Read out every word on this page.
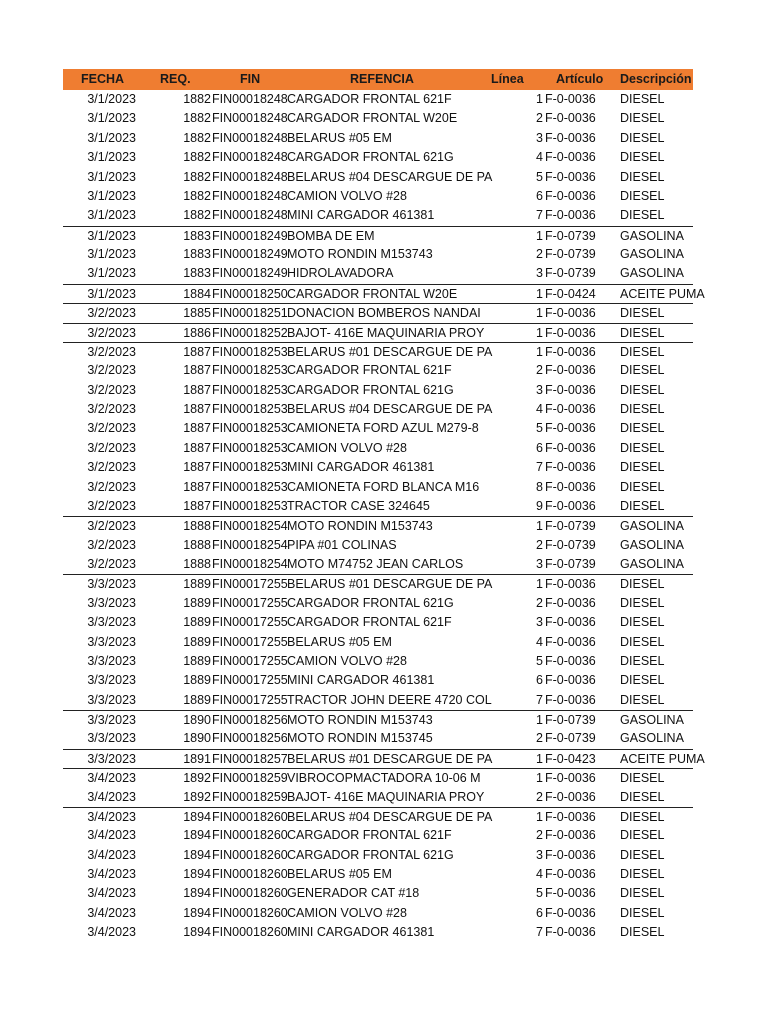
FECHA	REQ.	FIN	REFENCIA	Línea	Artículo Descripción
3/1/2023	1882 FIN00018248 CARGADOR FRONTAL 621F	1 F-0-0036 DIESEL
3/1/2023	1882 FIN00018248 CARGADOR FRONTAL W20E	2 F-0-0036 DIESEL
3/1/2023	1882 FIN00018248 BELARUS #05 EM	3 F-0-0036 DIESEL
3/1/2023	1882 FIN00018248 CARGADOR FRONTAL 621G	4 F-0-0036 DIESEL
3/1/2023	1882 FIN00018248 BELARUS #04 DESCARGUE DE PA	5 F-0-0036 DIESEL
3/1/2023	1882 FIN00018248 CAMION VOLVO #28	6 F-0-0036 DIESEL
3/1/2023	1882 FIN00018248 MINI CARGADOR 461381	7 F-0-0036 DIESEL
3/1/2023	1883 FIN00018249 BOMBA DE EM	1 F-0-0739 GASOLINA
3/1/2023	1883 FIN00018249 MOTO RONDIN M153743	2 F-0-0739 GASOLINA
3/1/2023	1883 FIN00018249 HIDROLAVADORA	3 F-0-0739 GASOLINA
3/1/2023	1884 FIN00018250 CARGADOR FRONTAL W20E	1 F-0-0424 ACEITE PUMA
3/2/2023	1885 FIN00018251 DONACION BOMBEROS NANDAI	1 F-0-0036 DIESEL
3/2/2023	1886 FIN00018252 BAJOT- 416E MAQUINARIA PROY	1 F-0-0036 DIESEL
3/2/2023	1887 FIN00018253 BELARUS #01 DESCARGUE DE PA	1 F-0-0036 DIESEL
3/2/2023	1887 FIN00018253 CARGADOR FRONTAL 621F	2 F-0-0036 DIESEL
3/2/2023	1887 FIN00018253 CARGADOR FRONTAL 621G	3 F-0-0036 DIESEL
3/2/2023	1887 FIN00018253 BELARUS #04 DESCARGUE DE PA	4 F-0-0036 DIESEL
3/2/2023	1887 FIN00018253 CAMIONETA FORD AZUL M279-8	5 F-0-0036 DIESEL
3/2/2023	1887 FIN00018253 CAMION VOLVO #28	6 F-0-0036 DIESEL
3/2/2023	1887 FIN00018253 MINI CARGADOR 461381	7 F-0-0036 DIESEL
3/2/2023	1887 FIN00018253 CAMIONETA FORD BLANCA M16	8 F-0-0036 DIESEL
3/2/2023	1887 FIN00018253 TRACTOR CASE 324645	9 F-0-0036 DIESEL
3/2/2023	1888 FIN00018254 MOTO RONDIN M153743	1 F-0-0739 GASOLINA
3/2/2023	1888 FIN00018254 PIPA #01 COLINAS	2 F-0-0739 GASOLINA
3/2/2023	1888 FIN00018254 MOTO M74752 JEAN CARLOS	3 F-0-0739 GASOLINA
3/3/2023	1889 FIN00017255 BELARUS #01 DESCARGUE DE PA	1 F-0-0036 DIESEL
3/3/2023	1889 FIN00017255 CARGADOR FRONTAL 621G	2 F-0-0036 DIESEL
3/3/2023	1889 FIN00017255 CARGADOR FRONTAL 621F	3 F-0-0036 DIESEL
3/3/2023	1889 FIN00017255 BELARUS #05 EM	4 F-0-0036 DIESEL
3/3/2023	1889 FIN00017255 CAMION VOLVO #28	5 F-0-0036 DIESEL
3/3/2023	1889 FIN00017255 MINI CARGADOR 461381	6 F-0-0036 DIESEL
3/3/2023	1889 FIN00017255 TRACTOR JOHN DEERE 4720 COL	7 F-0-0036 DIESEL
3/3/2023	1890 FIN00018256 MOTO RONDIN M153743	1 F-0-0739 GASOLINA
3/3/2023	1890 FIN00018256 MOTO RONDIN M153745	2 F-0-0739 GASOLINA
3/3/2023	1891 FIN00018257 BELARUS #01 DESCARGUE DE PA	1 F-0-0423 ACEITE PUMA
3/4/2023	1892 FIN00018259 VIBROCOPMACTADORA 10-06 M	1 F-0-0036 DIESEL
3/4/2023	1892 FIN00018259 BAJOT- 416E MAQUINARIA PROY	2 F-0-0036 DIESEL
3/4/2023	1894 FIN00018260 BELARUS #04 DESCARGUE DE PA	1 F-0-0036 DIESEL
3/4/2023	1894 FIN00018260 CARGADOR FRONTAL 621F	2 F-0-0036 DIESEL
3/4/2023	1894 FIN00018260 CARGADOR FRONTAL 621G	3 F-0-0036 DIESEL
3/4/2023	1894 FIN00018260 BELARUS #05 EM	4 F-0-0036 DIESEL
3/4/2023	1894 FIN00018260 GENERADOR CAT #18	5 F-0-0036 DIESEL
3/4/2023	1894 FIN00018260 CAMION VOLVO #28	6 F-0-0036 DIESEL
3/4/2023	1894 FIN00018260 MINI CARGADOR 461381	7 F-0-0036 DIESEL
